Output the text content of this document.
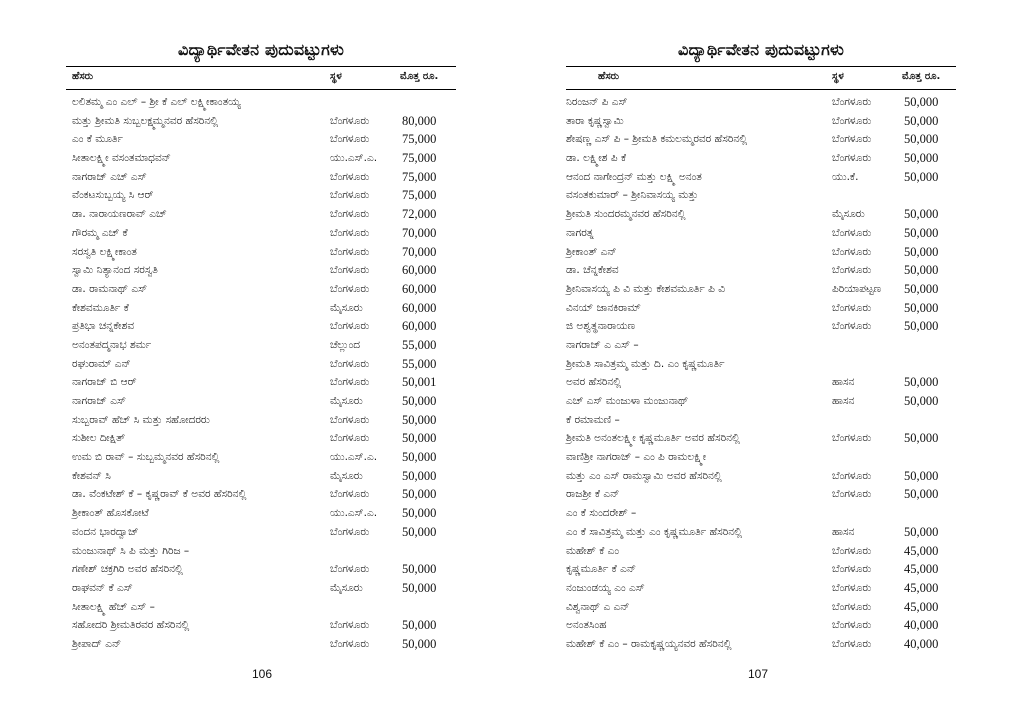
ವಿದ್ಯಾರ್ಥಿವೇತನ ಪುದುವಟ್ಟುಗಳು
ಹೆಸರು	ಸ್ಥಳ	ಮೊತ್ತ ರೂ.
ಲಲಿತಮ್ಮ ಎಂ ಎಲ್ – ಶ್ರೀ ಕೆ ಎಲ್ ಲಕ್ಷ್ಮೀಕಾಂತಯ್ಯ
ಮತ್ತು ಶ್ರೀಮತಿ ಸುಬ್ಬಲಕ್ಷ್ಮಮ್ಮನವರ ಹೆಸರಿನಲ್ಲಿ	ಬೆಂಗಳೂರು	80,000
ಎಂ ಕೆ ಮೂರ್ತಿ	ಬೆಂಗಳೂರು	75,000
ಸೀತಾಲಕ್ಷ್ಮೀ ವಸಂತಮಾಧವನ್	ಯು.ಎಸ್.ಎ. 75,000
ನಾಗರಾಜ್ ಎಚ್ ಎಸ್	ಬೆಂಗಳೂರು	75,000
ವೆಂಕಟಸುಬ್ಬಯ್ಯ ಸಿ ಆರ್	ಬೆಂಗಳೂರು	75,000
ಡಾ. ನಾರಾಯಣರಾವ್ ಎಚ್	ಬೆಂಗಳೂರು	72,000
ಗೌರಮ್ಮ ಎಚ್ ಕೆ	ಬೆಂಗಳೂರು	70,000
ಸರಸ್ವತಿ ಲಕ್ಷ್ಮೀಕಾಂತ	ಬೆಂಗಳೂರು	70,000
ಸ್ವಾಮಿ ನಿತ್ಯಾನಂದ ಸರಸ್ವತಿ	ಬೆಂಗಳೂರು	60,000
ಡಾ. ರಾಮನಾಥ್ ಎಸ್	ಬೆಂಗಳೂರು	60,000
ಕೇಶವಮೂರ್ತಿ ಕೆ	ಮೈಸೂರು	60,000
ಪ್ರತಿಭಾ ಚನ್ನಕೇಶವ	ಬೆಂಗಳೂರು	60,000
ಅನಂತಪದ್ಮನಾಭ ಶರ್ಮ	ಚೆಲ್ಲುಂದ	55,000
ರಘುರಾಮ್ ಎನ್	ಬೆಂಗಳೂರು	55,000
ನಾಗರಾಜ್ ಬಿ ಆರ್	ಬೆಂಗಳೂರು	50,001
ನಾಗರಾಜ್ ಎಸ್	ಮೈಸೂರು	50,000
ಸುಬ್ಬರಾವ್ ಹೆಚ್ ಸಿ ಮತ್ತು ಸಹೋದರರು	ಬೆಂಗಳೂರು	50,000
ಸುಶೀಲ ದೀಕ್ಷಿತ್	ಬೆಂಗಳೂರು	50,000
ಉಮ ಬಿ ರಾವ್ – ಸುಬ್ಬಮ್ಮನವರ ಹೆಸರಿನಲ್ಲಿ	ಯು.ಎಸ್.ಎ. 50,000
ಕೇಶವನ್ ಸಿ	ಮೈಸೂರು	50,000
ಡಾ. ವೆಂಕಟೇಶ್ ಕೆ – ಕೃಷ್ಣರಾವ್ ಕೆ ಅವರ ಹೆಸರಿನಲ್ಲಿ	ಬೆಂಗಳೂರು	50,000
ಶ್ರೀಕಾಂತ್ ಹೊಸಕೋಟೆ	ಯು.ಎಸ್.ಎ. 50,000
ವಂದನ ಭಾರದ್ವಾಜ್	ಬೆಂಗಳೂರು	50,000
ಮಂಜುನಾಥ್ ಸಿ ಪಿ ಮತ್ತು ಗಿರಿಜ –
ಗಣೇಶ್ ಚಕ್ರಗಿರಿ ಅವರ ಹೆಸರಿನಲ್ಲಿ	ಬೆಂಗಳೂರು	50,000
ರಾಘವನ್ ಕೆ ಎಸ್	ಮೈಸೂರು	50,000
ಸೀತಾಲಕ್ಷ್ಮಿ ಹೆಚ್ ಎಸ್ –
ಸಹೋದರಿ ಶ್ರೀಮತಿರವರ ಹೆಸರಿನಲ್ಲಿ	ಬೆಂಗಳೂರು	50,000
ಶ್ರೀಪಾದ್ ಎನ್	ಬೆಂಗಳೂರು	50,000
106
ವಿದ್ಯಾರ್ಥಿವೇತನ ಪುದುವಟ್ಟುಗಳು
ಹೆಸರು	ಸ್ಥಳ	ಮೊತ್ತ ರೂ.
ನಿರಂಜನ್ ಪಿ ಎಸ್	ಬೆಂಗಳೂರು	50,000
ತಾರಾ ಕೃಷ್ಣಸ್ವಾಮಿ	ಬೆಂಗಳೂರು	50,000
ಶೇಷಣ್ಣ ಎಸ್ ಪಿ – ಶ್ರೀಮತಿ ಕಮಲಮ್ಮರವರ ಹೆಸರಿನಲ್ಲಿ	ಬೆಂಗಳೂರು	50,000
ಡಾ. ಲಕ್ಷ್ಮೀಶ ಪಿ ಕೆ	ಬೆಂಗಳೂರು	50,000
ಆನಂದ ನಾಗೇಂದ್ರನ್ ಮತ್ತು ಲಕ್ಷ್ಮಿ ಅನಂತ	ಯು.ಕೆ.	50,000
ವಸಂತಕುಮಾರ್ – ಶ್ರೀನಿವಾಸಯ್ಯ ಮತ್ತು
ಶ್ರೀಮತಿ ಸುಂದರಮ್ಮನವರ ಹೆಸರಿನಲ್ಲಿ	ಮೈಸೂರು	50,000
ನಾಗರತ್ನ	ಬೆಂಗಳೂರು	50,000
ಶ್ರೀಕಾಂತ್ ಎನ್	ಬೆಂಗಳೂರು	50,000
ಡಾ. ಚೆನ್ನಕೇಶವ	ಬೆಂಗಳೂರು	50,000
ಶ್ರೀನಿವಾಸಯ್ಯ ಪಿ ವಿ ಮತ್ತು ಕೇಶವಮೂರ್ತಿ ಪಿ ವಿ	ಪಿರಿಯಾಪಟ್ಟಣ 50,000
ವಿನಯ್ ಜಾನಕಿರಾಮ್	ಬೆಂಗಳೂರು	50,000
ಜಿ ಅಶ್ವತ್ಥನಾರಾಯಣ	ಬೆಂಗಳೂರು	50,000
ನಾಗರಾಜ್ ಎ ಎಸ್ –
ಶ್ರೀಮತಿ ಸಾವಿತ್ರಮ್ಮ ಮತ್ತು ದಿ. ಎಂ ಕೃಷ್ಣಮೂರ್ತಿ
ಅವರ ಹೆಸರಿನಲ್ಲಿ	ಹಾಸನ	50,000
ಎಚ್ ಎಸ್ ಮಂಜುಳಾ ಮಂಜುನಾಥ್	ಹಾಸನ	50,000
ಕೆ ರಮಾಮಣಿ –
ಶ್ರೀಮತಿ ಅನಂತಲಕ್ಷ್ಮೀ ಕೃಷ್ಣಮೂರ್ತಿ ಅವರ ಹೆಸರಿನಲ್ಲಿ	ಬೆಂಗಳೂರು	50,000
ವಾಣಿಶ್ರೀ ನಾಗರಾಜ್ – ಎಂ ಪಿ ರಾಮಲಕ್ಷ್ಮೀ
ಮತ್ತು ಎಂ ಎಸ್ ರಾಮಸ್ವಾಮಿ ಅವರ ಹೆಸರಿನಲ್ಲಿ	ಬೆಂಗಳೂರು	50,000
ರಾಜಶ್ರೀ ಕೆ ಎನ್	ಬೆಂಗಳೂರು	50,000
ಎಂ ಕೆ ಸುಂದರೇಶ್ –
ಎಂ ಕೆ ಸಾವಿತ್ರಮ್ಮ ಮತ್ತು ಎಂ ಕೃಷ್ಣಮೂರ್ತಿ ಹೆಸರಿನಲ್ಲಿ	ಹಾಸನ	50,000
ಮಹೇಶ್ ಕೆ ಎಂ	ಬೆಂಗಳೂರು	45,000
ಕೃಷ್ಣಮೂರ್ತಿ ಕೆ ಎನ್	ಬೆಂಗಳೂರು	45,000
ನಂಜುಂಡಯ್ಯ ಎಂ ಎಸ್	ಬೆಂಗಳೂರು	45,000
ವಿಶ್ವನಾಥ್ ಎ ಎನ್	ಬೆಂಗಳೂರು	45,000
ಅನಂತಸಿಂಹ	ಬೆಂಗಳೂರು	40,000
ಮಹೇಶ್ ಕೆ ಎಂ – ರಾಮಕೃಷ್ಣಯ್ಯನವರ ಹೆಸರಿನಲ್ಲಿ	ಬೆಂಗಳೂರು	40,000
107
